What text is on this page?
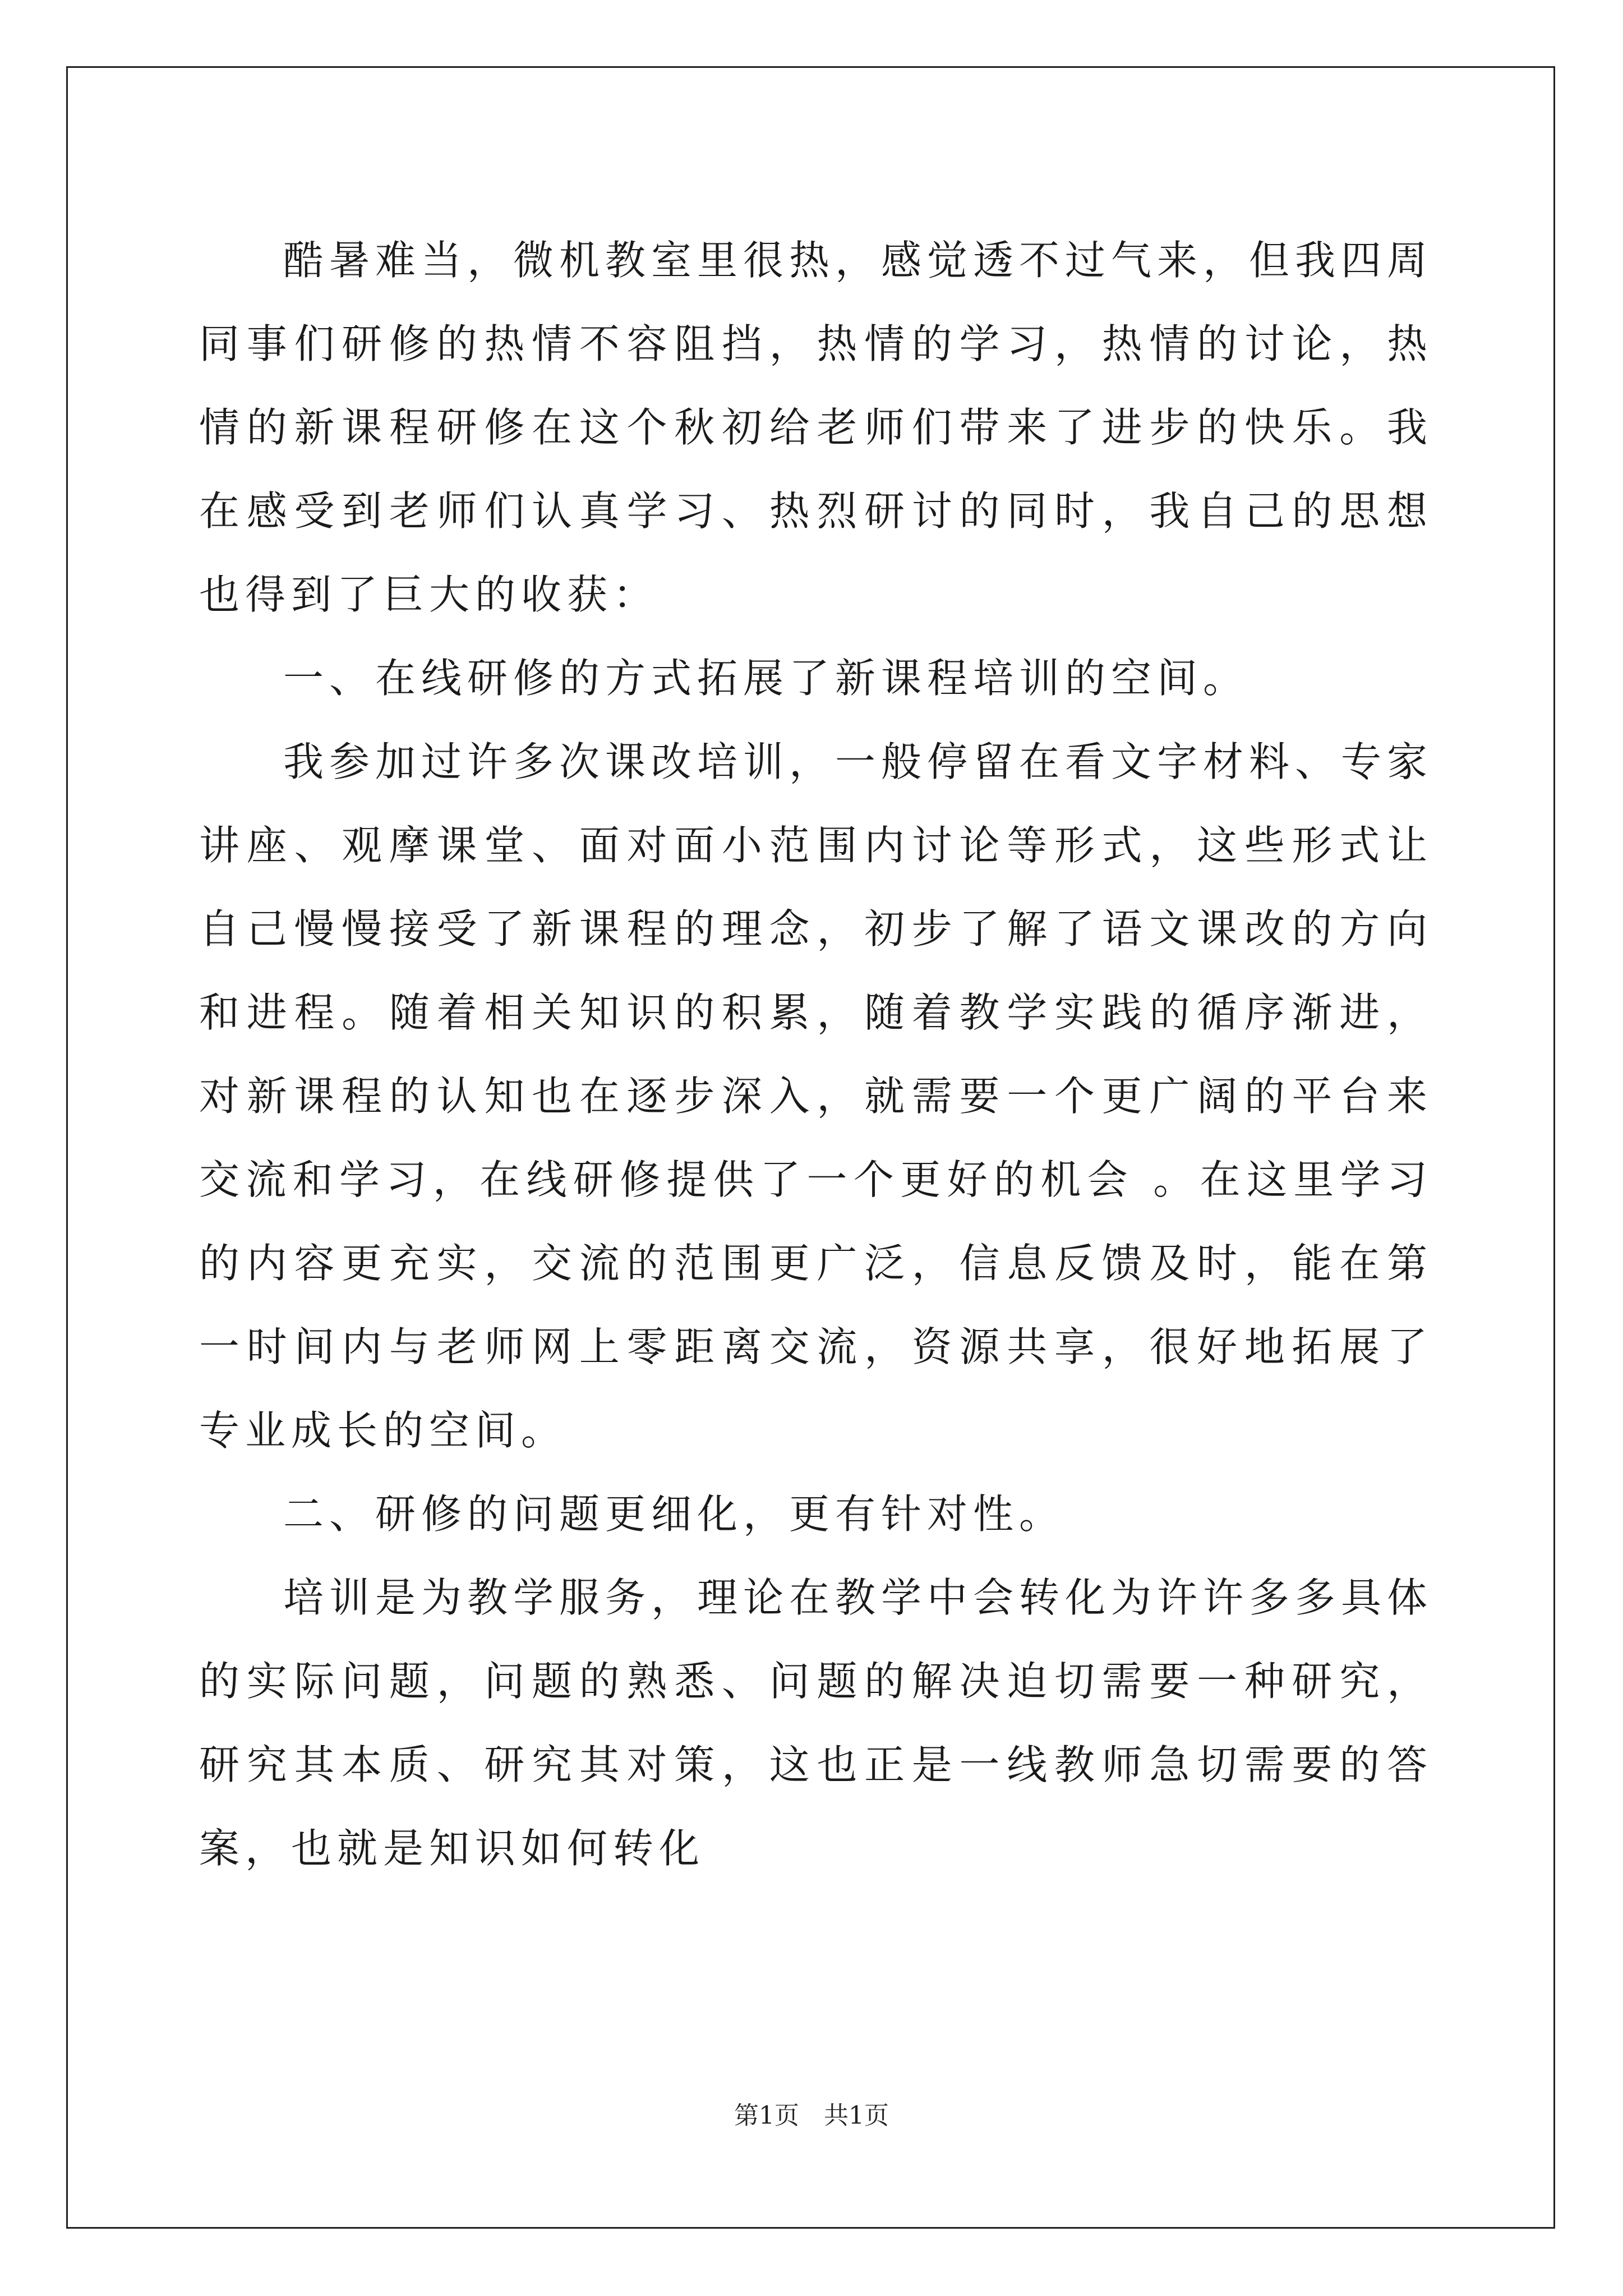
酷暑难当，微机教室里很热，感觉透不过气来，但我四周同事们研修的热情不容阻挡，热情的学习，热情的讨论，热情的新课程研修在这个秋初给老师们带来了进步的快乐。我在感受到老师们认真学习、热烈研讨的同时，我自己的思想也得到了巨大的收获：

一、在线研修的方式拓展了新课程培训的空间。

我参加过许多次课改培训，一般停留在看文字材料、专家讲座、观摩课堂、面对面小范围内讨论等形式，这些形式让自己慢慢接受了新课程的理念，初步了解了语文课改的方向和进程。随着相关知识的积累，随着教学实践的循序渐进，对新课程的认知也在逐步深入，就需要一个更广阔的平台来交流和学习，在线研修提供了一个更好的机会 。在这里学习的内容更充实，交流的范围更广泛，信息反馈及时，能在第一时间内与老师网上零距离交流，资源共享，很好地拓展了专业成长的空间。

二、研修的问题更细化，更有针对性。

培训是为教学服务，理论在教学中会转化为许许多多具体的实际问题，问题的熟悉、问题的解决迫切需要一种研究，研究其本质、研究其对策，这也正是一线教师急切需要的答案，也就是知识如何转化

第1页 共1页
